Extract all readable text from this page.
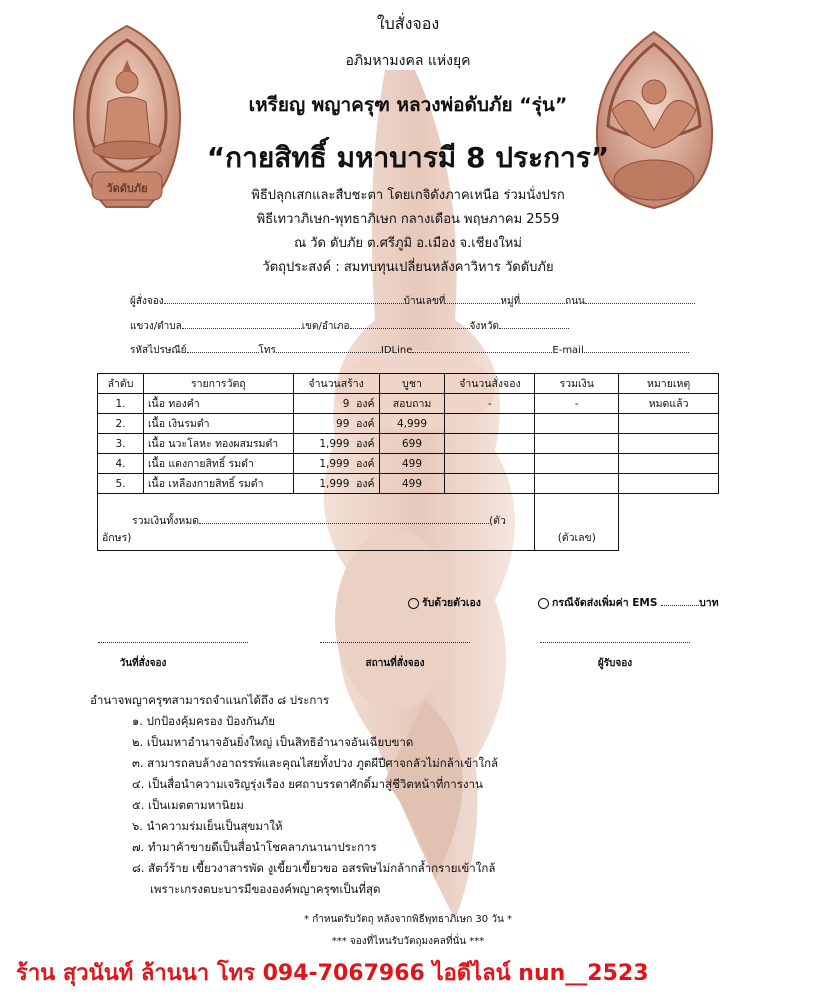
วัดดับภัย
ใบสั่งจอง
อภิมหามงคล แห่งยุค
เหรียญ พญาครุฑ หลวงพ่อดับภัย “รุ่น”
“กายสิทธิ์ มหาบารมี 8 ประการ”
พิธีปลุกเสกและสืบชะตา โดยเกจิดังภาคเหนือ ร่วมนั่งปรก
พิธีเทวาภิเษก-พุทธาภิเษก กลางเดือน พฤษภาคม 2559
ณ วัด ดับภัย ต.ศรีภูมิ อ.เมือง จ.เชียงใหม่
วัตถุประสงค์ : สมทบทุนเปลี่ยนหลังคาวิหาร วัดดับภัย
ผู้สั่งจอง	บ้านเลขที่	หมู่ที่	ถนน
แขวง/ตำบล	เขต/อำเภอ	จังหวัด
รหัสไปรษณีย์	โทร	IDLine	E-mail
ลำดับ	รายการวัตถุ	จำนวนสร้าง	บูชา	จำนวนสั่งจอง	รวมเงิน	หมายเหตุ
1.	เนื้อ ทองคำ	9 องค์	สอบถาม	-	-	หมดแล้ว
2.	เนื้อ เงินรมดำ	99 องค์	4,999			
3.	เนื้อ นวะโลหะ ทองผสมรมดำ	1,999 องค์	699			
4.	เนื้อ แดงกายสิทธิ์ รมดำ	1,999 องค์	499			
5.	เนื้อ เหลืองกายสิทธิ์ รมดำ	1,999 องค์	499			
รวมเงินทั้งหมด (ตัวอักษร)					(ตัวเลข)	
รับด้วยตัวเอง	กรณีจัดส่งเพิ่มค่า EMS	บาท
วันที่สั่งจอง	สถานที่สั่งจอง	ผู้รับจอง
อำนาจพญาครุฑสามารถจำแนกได้ถึง ๘ ประการ
๑. ปกป้องคุ้มครอง ป้องกันภัย
๒. เป็นมหาอำนาจอันยิ่งใหญ่ เป็นสิทธิอำนาจอันเฉียบขาด
๓. สามารถลบล้างอาถรรพ์และคุณไสยทั้งปวง ภูตผีปีศาจกลัวไม่กล้าเข้าใกล้
๔. เป็นสื่อนำความเจริญรุ่งเรือง ยศถาบรรดาศักดิ์มาสู่ชีวิตหน้าที่การงาน
๕. เป็นเมตตามหานิยม
๖. นำความร่มเย็นเป็นสุขมาให้
๗. ทำมาค้าขายดีเป็นสื่อนำโชคลาภนานาประการ
๘. สัตว์ร้าย เขี้ยวงาสารพัด งูเขี้ยวเขี้ยวขอ อสรพิษไม่กล้ากล้ำกรายเข้าใกล้
เพราะเกรงตบะบารมีขององค์พญาครุฑเป็นที่สุด
* กำหนดรับวัตถุ หลังจากพิธีพุทธาภิเษก 30 วัน *
*** จองที่ไหนรับวัตถุมงคลที่นั่น ***
ร้าน สุวนันท์ ล้านนา โทร 094-7067966 ไอดีไลน์ nun__2523
